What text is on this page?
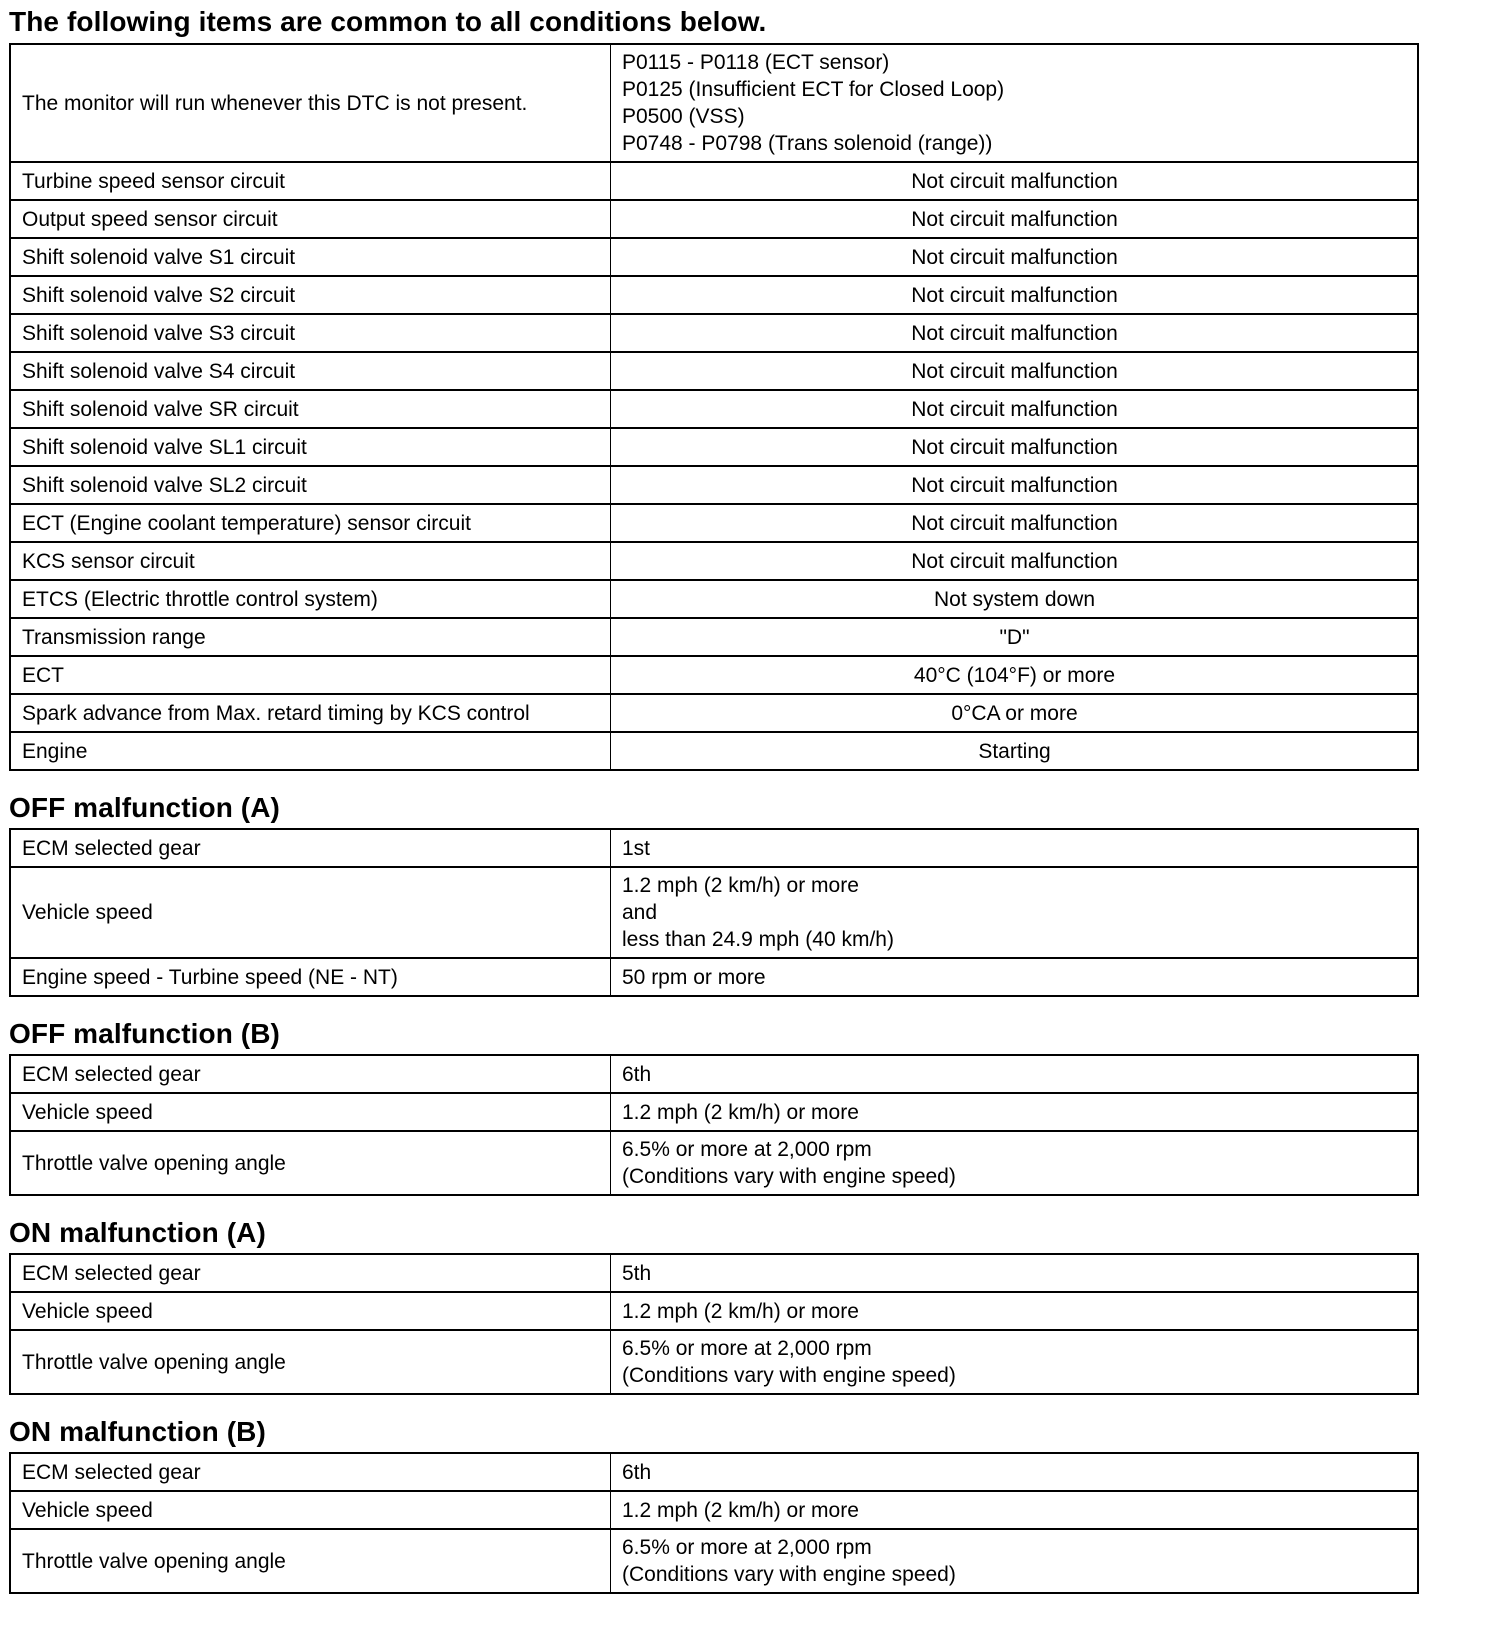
The following items are common to all conditions below.
The monitor will run whenever this DTC is not present.	P0115 - P0118 (ECT sensor)
P0125 (Insufficient ECT for Closed Loop)
P0500 (VSS)
P0748 - P0798 (Trans solenoid (range))

Turbine speed sensor circuit	Not circuit malfunction
Output speed sensor circuit	Not circuit malfunction
Shift solenoid valve S1 circuit	Not circuit malfunction
Shift solenoid valve S2 circuit	Not circuit malfunction
Shift solenoid valve S3 circuit	Not circuit malfunction
Shift solenoid valve S4 circuit	Not circuit malfunction
Shift solenoid valve SR circuit	Not circuit malfunction
Shift solenoid valve SL1 circuit	Not circuit malfunction
Shift solenoid valve SL2 circuit	Not circuit malfunction
ECT (Engine coolant temperature) sensor circuit	Not circuit malfunction
KCS sensor circuit	Not circuit malfunction
ETCS (Electric throttle control system)	Not system down
Transmission range	"D"
ECT	40°C (104°F) or more
Spark advance from Max. retard timing by KCS control	0°CA or more
Engine	Starting
OFF malfunction (A)
ECM selected gear	1st
Vehicle speed	1.2 mph (2 km/h) or more
and
less than 24.9 mph (40 km/h)

Engine speed - Turbine speed (NE - NT)	50 rpm or more
OFF malfunction (B)
ECM selected gear	6th
Vehicle speed	1.2 mph (2 km/h) or more
Throttle valve opening angle	6.5% or more at 2,000 rpm
(Conditions vary with engine speed)
ON malfunction (A)
ECM selected gear	5th
Vehicle speed	1.2 mph (2 km/h) or more
Throttle valve opening angle	6.5% or more at 2,000 rpm
(Conditions vary with engine speed)
ON malfunction (B)
ECM selected gear	6th
Vehicle speed	1.2 mph (2 km/h) or more
Throttle valve opening angle	6.5% or more at 2,000 rpm
(Conditions vary with engine speed)
